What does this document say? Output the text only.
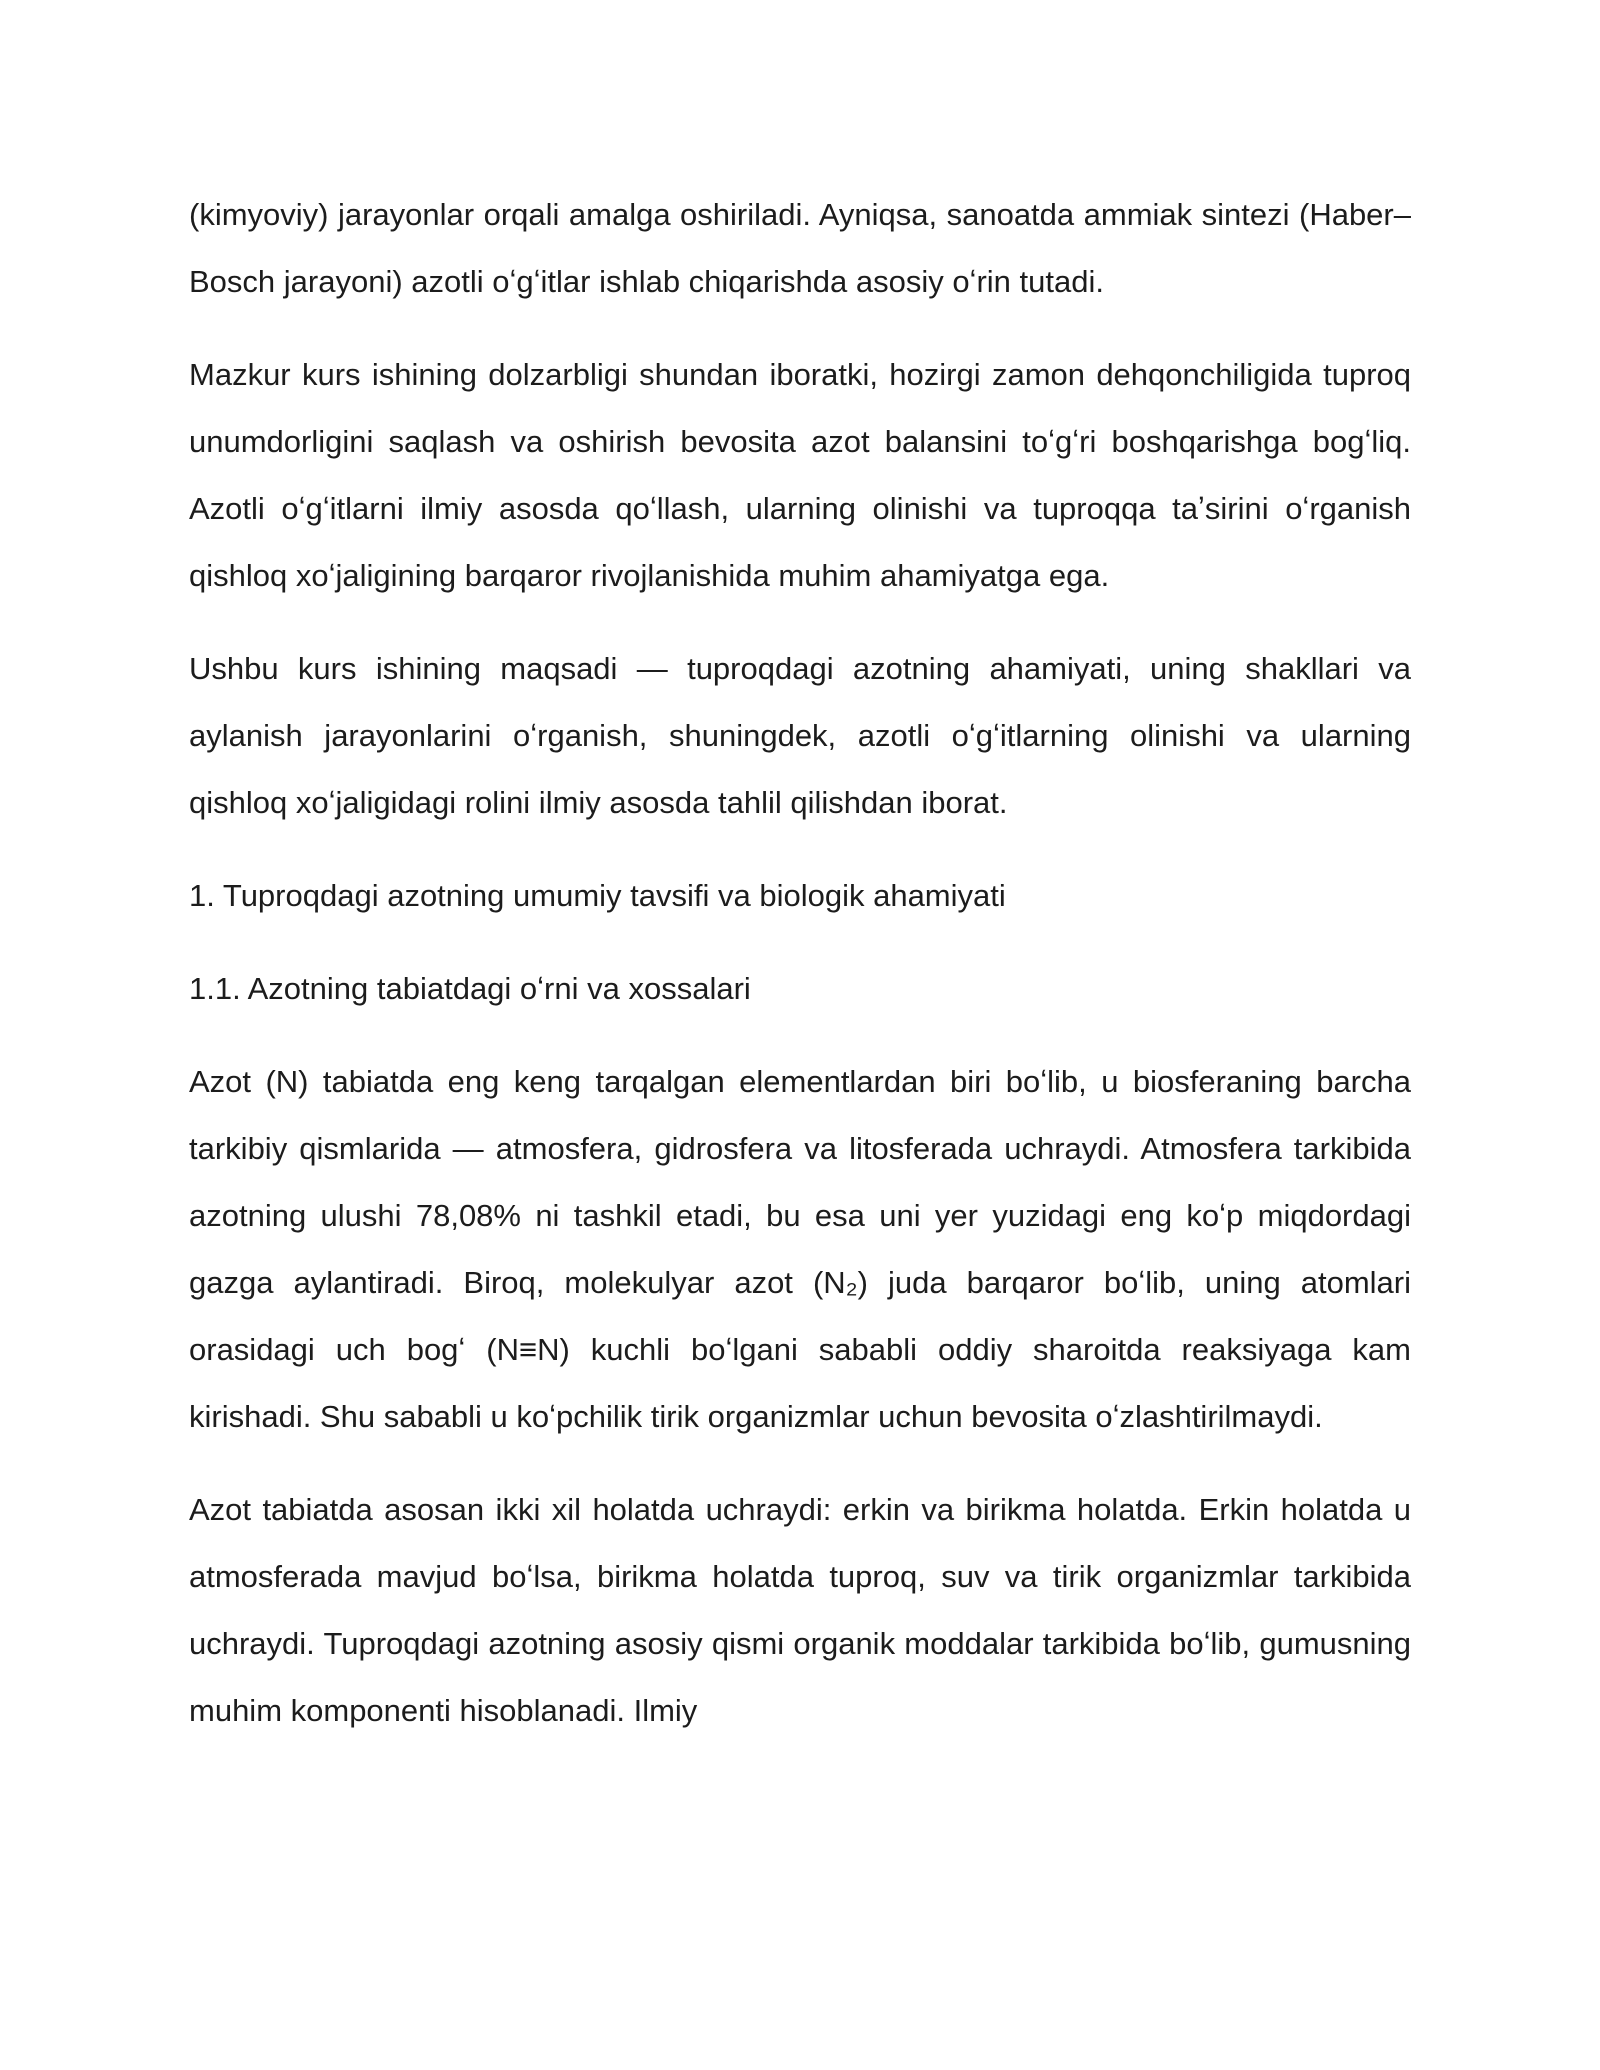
(kimyoviy) jarayonlar orqali amalga oshiriladi. Ayniqsa, sanoatda ammiak sintezi (Haber–Bosch jarayoni) azotli oʻgʻitlar ishlab chiqarishda asosiy oʻrin tutadi.

Mazkur kurs ishining dolzarbligi shundan iboratki, hozirgi zamon dehqonchiligida tuproq unumdorligini saqlash va oshirish bevosita azot balansini toʻgʻri boshqarishga bogʻliq. Azotli oʻgʻitlarni ilmiy asosda qoʻllash, ularning olinishi va tuproqqa taʼsirini oʻrganish qishloq xoʻjaligining barqaror rivojlanishida muhim ahamiyatga ega.

Ushbu kurs ishining maqsadi — tuproqdagi azotning ahamiyati, uning shakllari va aylanish jarayonlarini oʻrganish, shuningdek, azotli oʻgʻitlarning olinishi va ularning qishloq xoʻjaligidagi rolini ilmiy asosda tahlil qilishdan iborat.

1. Tuproqdagi azotning umumiy tavsifi va biologik ahamiyati

1.1. Azotning tabiatdagi oʻrni va xossalari

Azot (N) tabiatda eng keng tarqalgan elementlardan biri boʻlib, u biosferaning barcha tarkibiy qismlarida — atmosfera, gidrosfera va litosferada uchraydi. Atmosfera tarkibida azotning ulushi 78,08% ni tashkil etadi, bu esa uni yer yuzidagi eng koʻp miqdordagi gazga aylantiradi. Biroq, molekulyar azot (N₂) juda barqaror boʻlib, uning atomlari orasidagi uch bogʻ (N≡N) kuchli boʻlgani sababli oddiy sharoitda reaksiyaga kam kirishadi. Shu sababli u koʻpchilik tirik organizmlar uchun bevosita oʻzlashtirilmaydi.

Azot tabiatda asosan ikki xil holatda uchraydi: erkin va birikma holatda. Erkin holatda u atmosferada mavjud boʻlsa, birikma holatda tuproq, suv va tirik organizmlar tarkibida uchraydi. Tuproqdagi azotning asosiy qismi organik moddalar tarkibida boʻlib, gumusning muhim komponenti hisoblanadi. Ilmiy
